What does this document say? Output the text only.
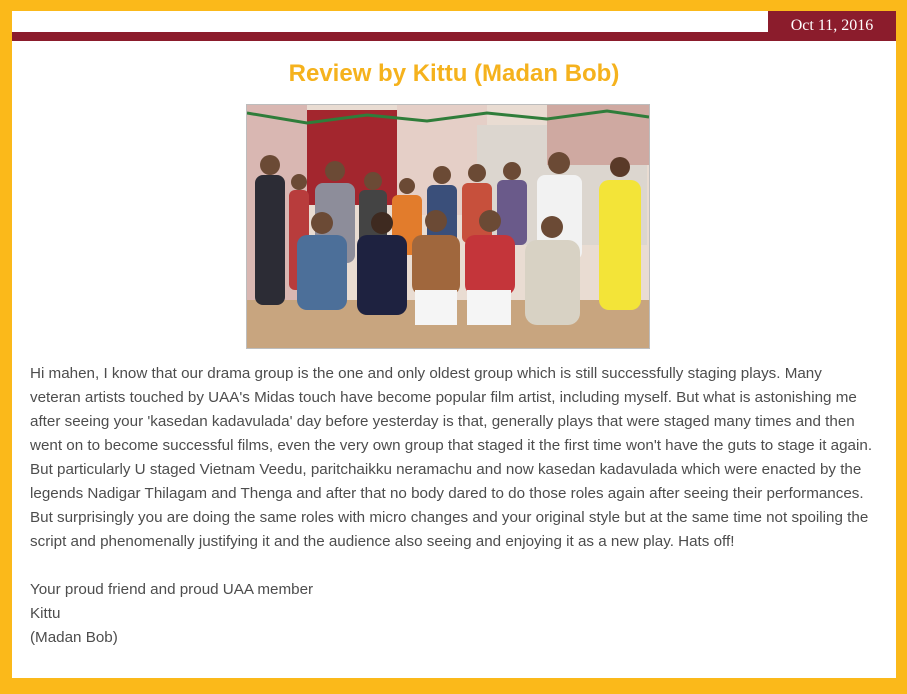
Oct 11, 2016
Review by Kittu (Madan Bob)

Hi mahen, I know that our drama group is the one and only oldest group which is still successfully staging plays. Many veteran artists touched by UAA's Midas touch have become popular film artist, including myself. But what is astonishing me after seeing your 'kasedan kadavulada' day before yesterday is that, generally plays that were staged many times and then went on to become successful films, even the very own group that staged it the first time won't have the guts to stage it again. But particularly U staged Vietnam Veedu, paritchaikku neramachu and now kasedan kadavulada which were enacted by the legends Nadigar Thilagam and Thenga and after that no body dared to do those roles again after seeing their performances. But surprisingly you are doing the same roles with micro changes and your original style but at the same time not spoiling the script and phenomenally justifying it and the audience also seeing and enjoying it as a new play. Hats off!

Your proud friend and proud UAA member

Kittu

(Madan Bob)
